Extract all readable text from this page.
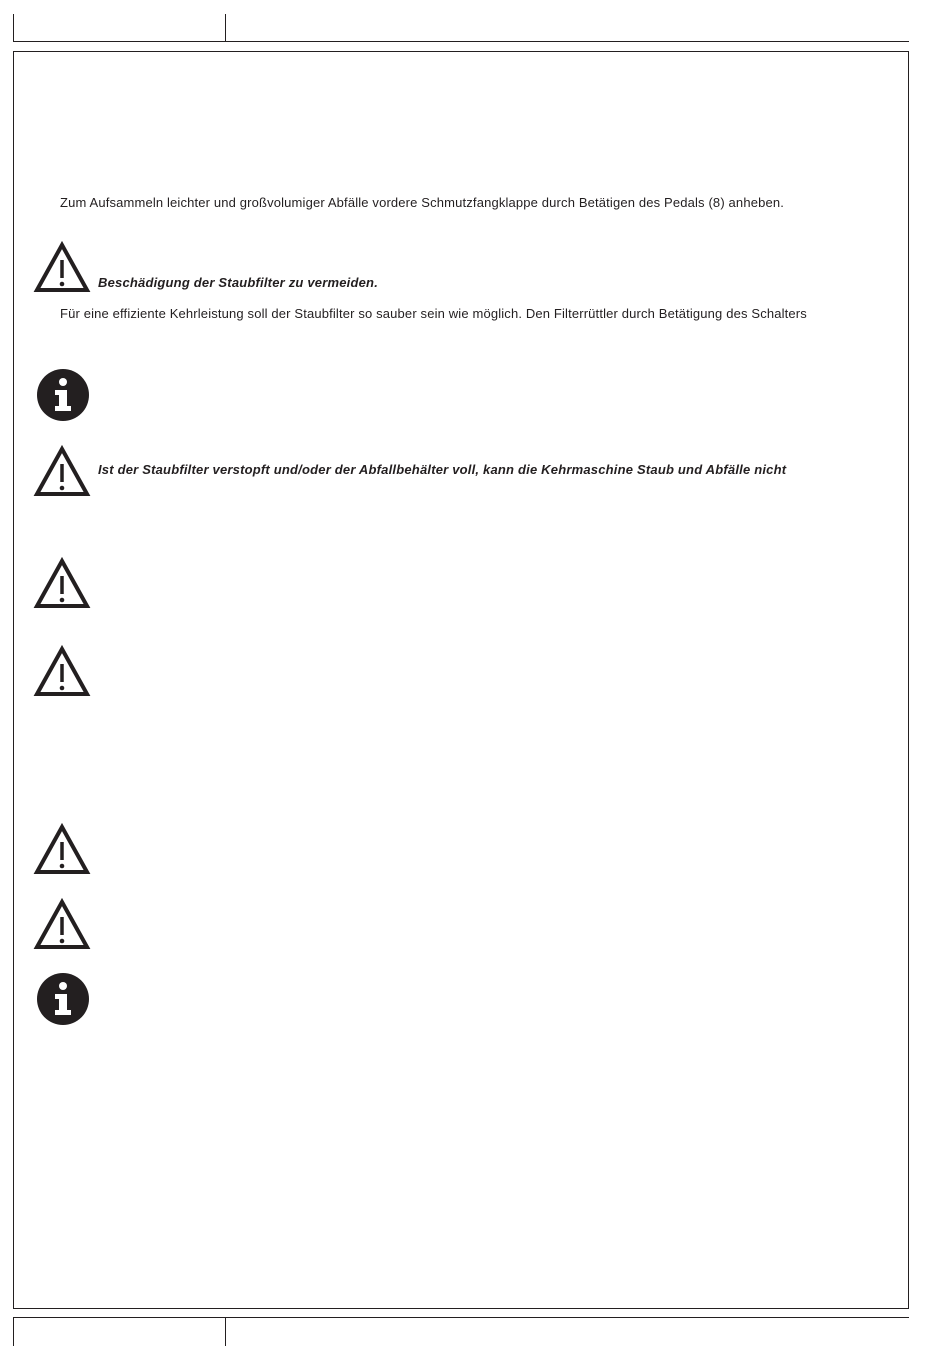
Zum Aufsammeln leichter und großvolumiger Abfälle vordere Schmutzfangklappe durch Betätigen des Pedals (8) anheben.
Beschädigung der Staubfilter zu vermeiden.
Für eine effiziente Kehrleistung soll der Staubfilter so sauber sein wie möglich. Den Filterrüttler durch Betätigung des Schalters
Ist der Staubfilter verstopft und/oder der Abfallbehälter voll, kann die Kehrmaschine Staub und Abfälle nicht
